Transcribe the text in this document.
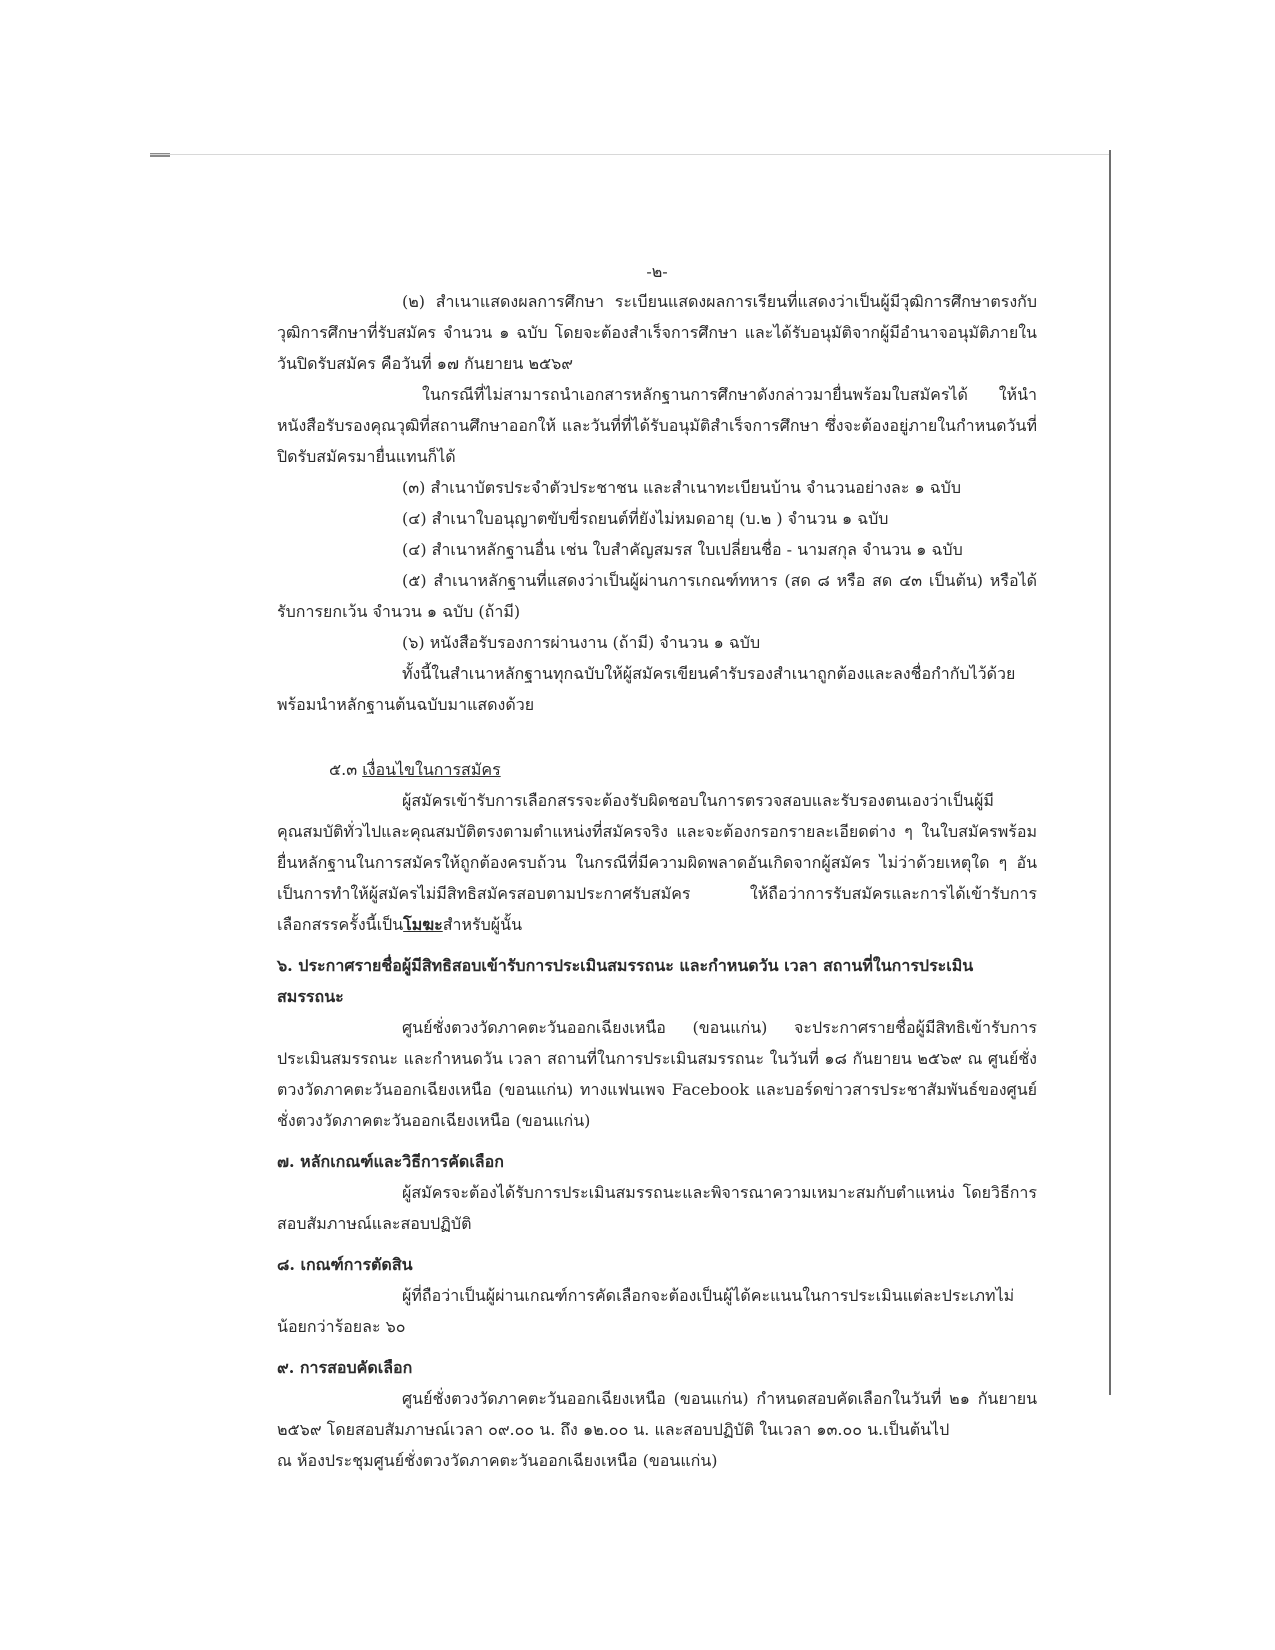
-๒-

(๒) สำเนาแสดงผลการศึกษา ระเบียนแสดงผลการเรียนที่แสดงว่าเป็นผู้มีวุฒิการศึกษาตรงกับวุฒิการศึกษาที่รับสมัคร จำนวน ๑ ฉบับ โดยจะต้องสำเร็จการศึกษา และได้รับอนุมัติจากผู้มีอำนาจอนุมัติภายในวันปิดรับสมัคร คือวันที่ ๑๗ กันยายน ๒๕๖๙

ในกรณีที่ไม่สามารถนำเอกสารหลักฐานการศึกษาดังกล่าวมายื่นพร้อมใบสมัครได้ ให้นำหนังสือรับรองคุณวุฒิที่สถานศึกษาออกให้ และวันที่ที่ได้รับอนุมัติสำเร็จการศึกษา ซึ่งจะต้องอยู่ภายในกำหนดวันที่ปิดรับสมัครมายื่นแทนก็ได้

(๓) สำเนาบัตรประจำตัวประชาชน และสำเนาทะเบียนบ้าน จำนวนอย่างละ ๑ ฉบับ

(๔) สำเนาใบอนุญาตขับขี่รถยนต์ที่ยังไม่หมดอายุ (บ.๒ ) จำนวน ๑ ฉบับ

(๔) สำเนาหลักฐานอื่น เช่น ใบสำคัญสมรส ใบเปลี่ยนชื่อ - นามสกุล จำนวน ๑ ฉบับ

(๕) สำเนาหลักฐานที่แสดงว่าเป็นผู้ผ่านการเกณฑ์ทหาร (สด ๘ หรือ สด ๔๓ เป็นต้น) หรือได้รับการยกเว้น จำนวน ๑ ฉบับ (ถ้ามี)

(๖) หนังสือรับรองการผ่านงาน (ถ้ามี) จำนวน ๑ ฉบับ

ทั้งนี้ในสำเนาหลักฐานทุกฉบับให้ผู้สมัครเขียนคำรับรองสำเนาถูกต้องและลงชื่อกำกับไว้ด้วย พร้อมนำหลักฐานต้นฉบับมาแสดงด้วย

๕.๓ เงื่อนไขในการสมัคร

ผู้สมัครเข้ารับการเลือกสรรจะต้องรับผิดชอบในการตรวจสอบและรับรองตนเองว่าเป็นผู้มีคุณสมบัติทั่วไปและคุณสมบัติตรงตามตำแหน่งที่สมัครจริง และจะต้องกรอกรายละเอียดต่าง ๆ ในใบสมัครพร้อมยื่นหลักฐานในการสมัครให้ถูกต้องครบถ้วน ในกรณีที่มีความผิดพลาดอันเกิดจากผู้สมัคร ไม่ว่าด้วยเหตุใด ๆ อันเป็นการทำให้ผู้สมัครไม่มีสิทธิสมัครสอบตามประกาศรับสมัคร ให้ถือว่าการรับสมัครและการได้เข้ารับการเลือกสรรครั้งนี้เป็นโมฆะสำหรับผู้นั้น

๖. ประกาศรายชื่อผู้มีสิทธิสอบเข้ารับการประเมินสมรรถนะ และกำหนดวัน เวลา สถานที่ในการประเมินสมรรถนะ

ศูนย์ชั่งตวงวัดภาคตะวันออกเฉียงเหนือ (ขอนแก่น) จะประกาศรายชื่อผู้มีสิทธิเข้ารับการประเมินสมรรถนะ และกำหนดวัน เวลา สถานที่ในการประเมินสมรรถนะ ในวันที่ ๑๘ กันยายน ๒๕๖๙ ณ ศูนย์ชั่งตวงวัดภาคตะวันออกเฉียงเหนือ (ขอนแก่น) ทางแฟนเพจ Facebook และบอร์ดข่าวสารประชาสัมพันธ์ของศูนย์ชั่งตวงวัดภาคตะวันออกเฉียงเหนือ (ขอนแก่น)

๗. หลักเกณฑ์และวิธีการคัดเลือก

ผู้สมัครจะต้องได้รับการประเมินสมรรถนะและพิจารณาความเหมาะสมกับตำแหน่ง โดยวิธีการสอบสัมภาษณ์และสอบปฏิบัติ

๘. เกณฑ์การตัดสิน

ผู้ที่ถือว่าเป็นผู้ผ่านเกณฑ์การคัดเลือกจะต้องเป็นผู้ได้คะแนนในการประเมินแต่ละประเภทไม่น้อยกว่าร้อยละ ๖๐

๙. การสอบคัดเลือก

ศูนย์ชั่งตวงวัดภาคตะวันออกเฉียงเหนือ (ขอนแก่น) กำหนดสอบคัดเลือกในวันที่ ๒๑ กันยายน ๒๕๖๙ โดยสอบสัมภาษณ์เวลา ๐๙.๐๐ น. ถึง ๑๒.๐๐ น. และสอบปฏิบัติ ในเวลา ๑๓.๐๐ น.เป็นต้นไป

ณ ห้องประชุมศูนย์ชั่งตวงวัดภาคตะวันออกเฉียงเหนือ (ขอนแก่น)
